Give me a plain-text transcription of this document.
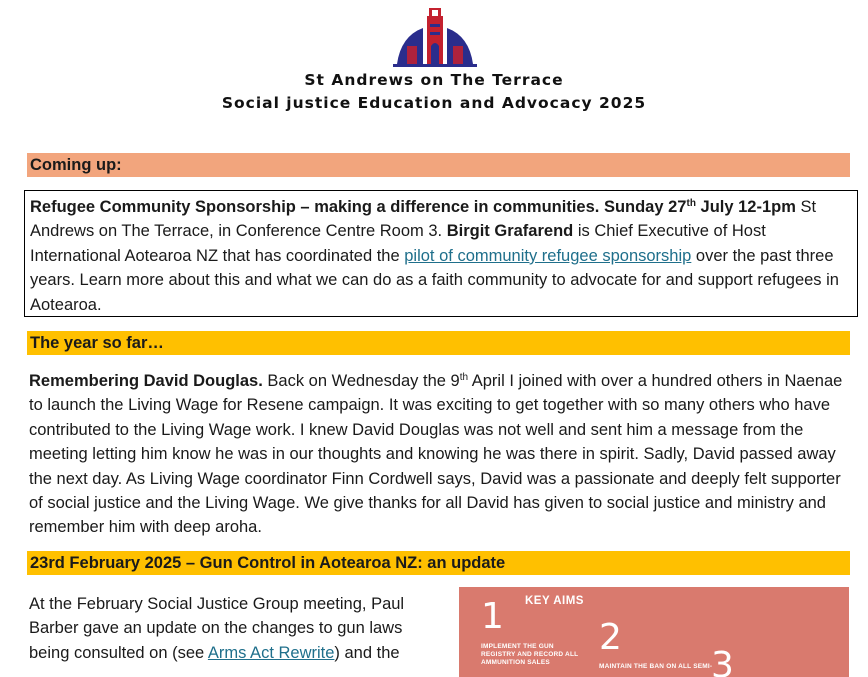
St Andrews on The Terrace
Social justice Education and Advocacy 2025
Coming up:
Refugee Community Sponsorship – making a difference in communities. Sunday 27th July 12-1pm St Andrews on The Terrace, in Conference Centre Room 3. Birgit Grafarend is Chief Executive of Host International Aotearoa NZ that has coordinated the pilot of community refugee sponsorship over the past three years. Learn more about this and what we can do as a faith community to advocate for and support refugees in Aotearoa.
The year so far…
Remembering David Douglas. Back on Wednesday the 9th April I joined with over a hundred others in Naenae to launch the Living Wage for Resene campaign. It was exciting to get together with so many others who have contributed to the Living Wage work. I knew David Douglas was not well and sent him a message from the meeting letting him know he was in our thoughts and knowing he was there in spirit. Sadly, David passed away the next day. As Living Wage coordinator Finn Cordwell says, David was a passionate and deeply felt supporter of social justice and the Living Wage. We give thanks for all David has given to social justice and ministry and remember him with deep aroha.
23rd February 2025 – Gun Control in Aotearoa NZ: an update
At the February Social Justice Group meeting, Paul Barber gave an update on the changes to gun laws being consulted on (see Arms Act Rewrite) and the
KEY AIMS
1
IMPLEMENT THE GUN REGISTRY AND RECORD ALL AMMUNITION SALES
2
MAINTAIN THE BAN ON ALL SEMI-
3
